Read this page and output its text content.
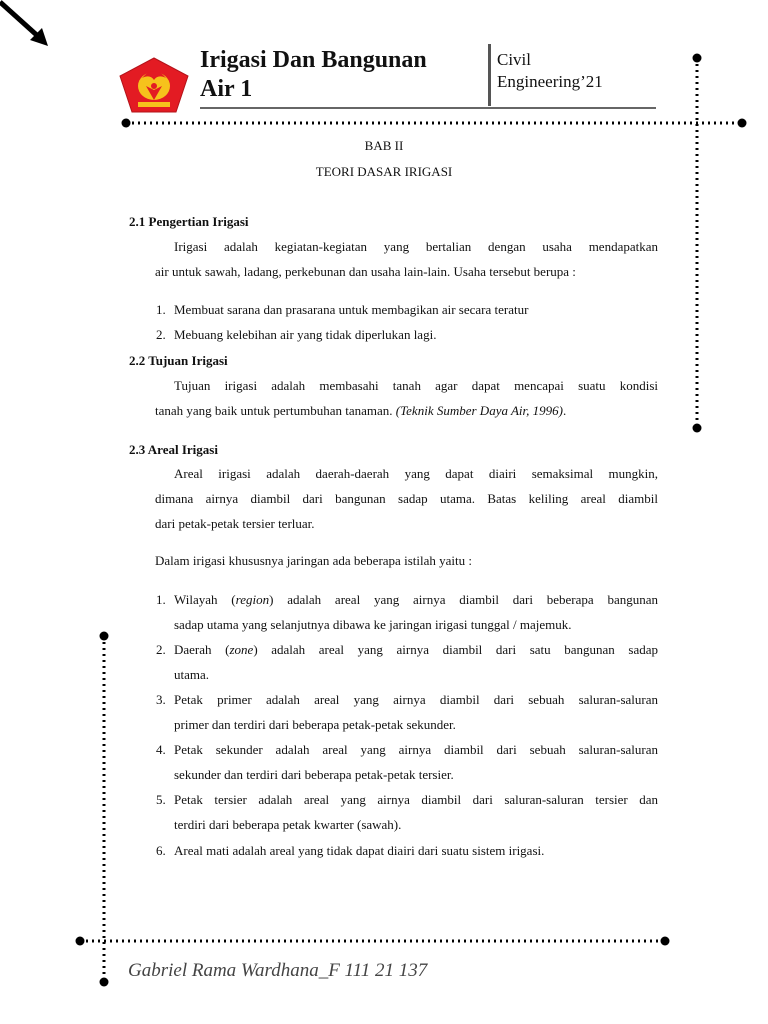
Irigasi Dan Bangunan
Air 1
Civil
Engineering’21
BAB II
TEORI DASAR IRIGASI
2.1 Pengertian Irigasi
Irigasi adalah kegiatan-kegiatan yang bertalian dengan usaha mendapatkan
air untuk sawah, ladang, perkebunan dan usaha lain-lain. Usaha tersebut berupa :
1. Membuat sarana dan prasarana untuk membagikan air secara teratur
2. Mebuang kelebihan air yang tidak diperlukan lagi.
2.2 Tujuan Irigasi
Tujuan irigasi adalah membasahi tanah agar dapat mencapai suatu kondisi
tanah yang baik untuk pertumbuhan tanaman. (Teknik Sumber Daya Air, 1996).
2.3 Areal Irigasi
Areal irigasi adalah daerah-daerah yang dapat diairi semaksimal mungkin,
dimana airnya diambil dari bangunan sadap utama. Batas keliling areal diambil
dari petak-petak tersier terluar.
Dalam irigasi khususnya jaringan ada beberapa istilah yaitu :
1. Wilayah (region) adalah areal yang airnya diambil dari beberapa bangunan
sadap utama yang selanjutnya dibawa ke jaringan irigasi tunggal / majemuk.
2. Daerah (zone) adalah areal yang airnya diambil dari satu bangunan sadap
utama.
3. Petak primer adalah areal yang airnya diambil dari sebuah saluran-saluran
primer dan terdiri dari beberapa petak-petak sekunder.
4. Petak sekunder adalah areal yang airnya diambil dari sebuah saluran-saluran
sekunder dan terdiri dari beberapa petak-petak tersier.
5. Petak tersier adalah areal yang airnya diambil dari saluran-saluran tersier dan
terdiri dari beberapa petak kwarter (sawah).
6. Areal mati adalah areal yang tidak dapat diairi dari suatu sistem irigasi.
Gabriel Rama Wardhana_F 111 21 137
